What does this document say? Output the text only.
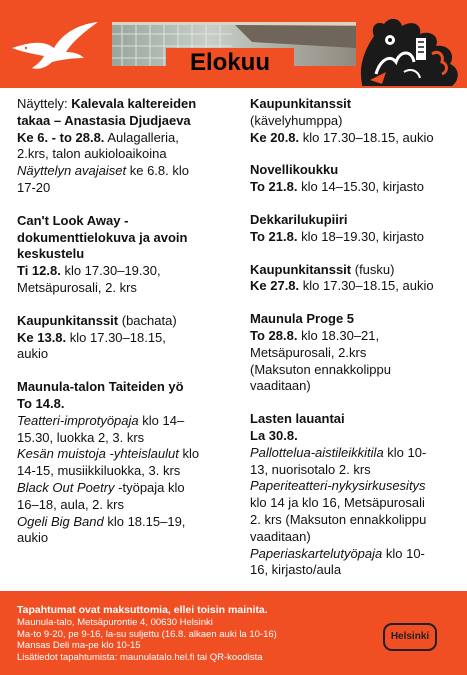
Elokuu

Näyttely: Kalevala kaltereiden

takaa – Anastasia Djudjaeva

Ke 6. - to 28.8. Aulagalleria,

2.krs, talon aukioloaikoina

Näyttelyn avajaiset ke 6.8. klo

17-20

Can't Look Away -

dokumenttielokuva ja avoin

keskustelu

Ti 12.8. klo 17.30–19.30,

Metsäpurosali, 2. krs

Kaupunkitanssit (bachata)

Ke 13.8. klo 17.30–18.15,

aukio

Maunula-talon Taiteiden yö

To 14.8.

Teatteri-improtyöpaja klo 14–

15.30, luokka 2, 3. krs

Kesän muistoja -yhteislaulut klo

14-15, musiikkiluokka, 3. krs

Black Out Poetry -työpaja klo

16–18, aula, 2. krs

Ogeli Big Band klo 18.15–19,

aukio

Kaupunkitanssit

(kävelyhumppa)

Ke 20.8. klo 17.30–18.15, aukio

Novellikoukku

To 21.8. klo 14–15.30, kirjasto

Dekkarilukupiiri

To 21.8. klo 18–19.30, kirjasto

Kaupunkitanssit (fusku)

Ke 27.8. klo 17.30–18.15, aukio

Maunula Proge 5

To 28.8. klo 18.30–21,

Metsäpurosali, 2.krs

(Maksuton ennakkolippu

vaaditaan)

Lasten lauantai

La 30.8.

Pallottelua-aistileikkitila klo 10-

13, nuorisotalo 2. krs

Paperiteatteri-nykysirkusesitys

klo 14 ja klo 16, Metsäpurosali

2. krs (Maksuton ennakkolippu

vaaditaan)

Paperiaskartelutyöpaja klo 10-

16, kirjasto/aula

Tapahtumat ovat maksuttomia, ellei toisin mainita.

Maunula-talo, Metsäpurontie 4, 00630 Helsinki

Ma-to 9-20, pe 9-16, la-su suljettu (16.8. alkaen auki la 10-16)

Mansas Deli ma-pe klo 10-15

Lisätiedot tapahtumista: maunulatalo.hel.fi tai QR-koodista

Helsinki
